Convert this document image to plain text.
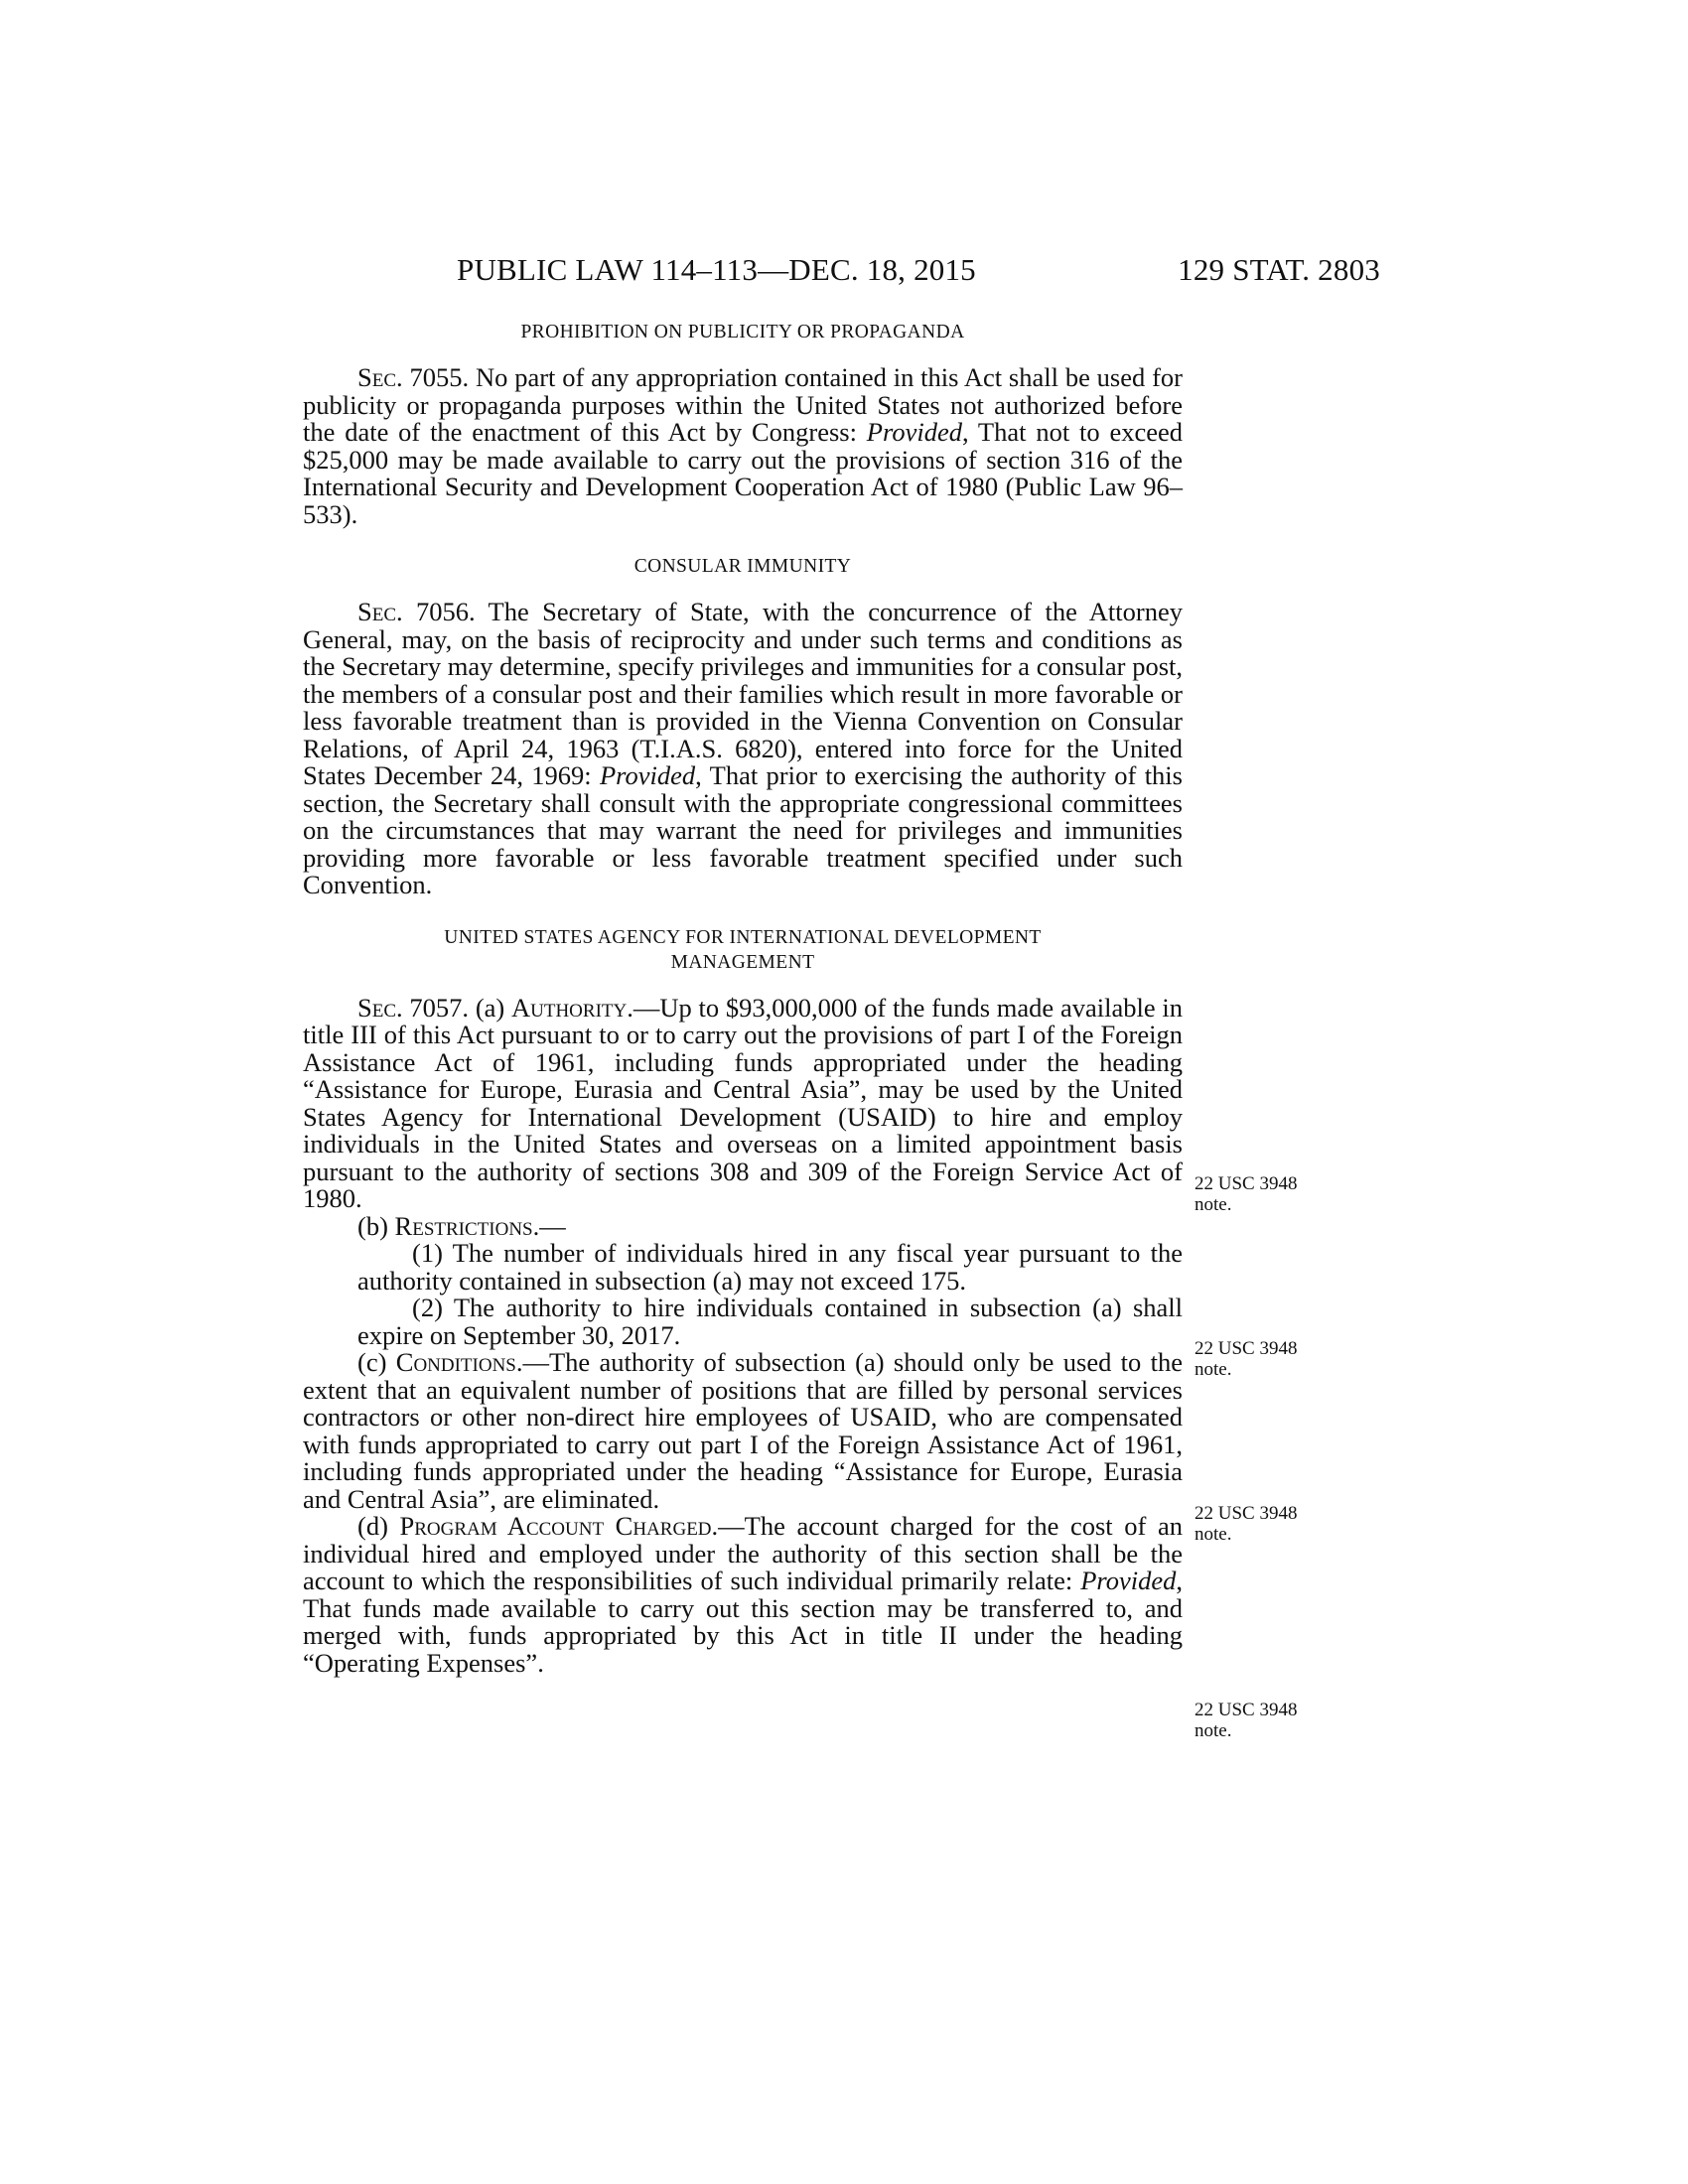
PUBLIC LAW 114–113—DEC. 18, 2015	129 STAT. 2803

PROHIBITION ON PUBLICITY OR PROPAGANDA

Sec. 7055. No part of any appropriation contained in this Act shall be used for publicity or propaganda purposes within the United States not authorized before the date of the enactment of this Act by Congress: Provided, That not to exceed $25,000 may be made available to carry out the provisions of section 316 of the International Security and Development Cooperation Act of 1980 (Public Law 96–533).

CONSULAR IMMUNITY

Sec. 7056. The Secretary of State, with the concurrence of the Attorney General, may, on the basis of reciprocity and under such terms and conditions as the Secretary may determine, specify privileges and immunities for a consular post, the members of a consular post and their families which result in more favorable or less favorable treatment than is provided in the Vienna Convention on Consular Relations, of April 24, 1963 (T.I.A.S. 6820), entered into force for the United States December 24, 1969: Provided, That prior to exercising the authority of this section, the Secretary shall consult with the appropriate congressional committees on the circumstances that may warrant the need for privileges and immunities providing more favorable or less favorable treatment specified under such Convention.

UNITED STATES AGENCY FOR INTERNATIONAL DEVELOPMENT

MANAGEMENT

Sec. 7057. (a) Authority.—Up to $93,000,000 of the funds made available in title III of this Act pursuant to or to carry out the provisions of part I of the Foreign Assistance Act of 1961, including funds appropriated under the heading “Assistance for Europe, Eurasia and Central Asia”, may be used by the United States Agency for International Development (USAID) to hire and employ individuals in the United States and overseas on a limited appointment basis pursuant to the authority of sections 308 and 309 of the Foreign Service Act of 1980.

(b) Restrictions.—

(1) The number of individuals hired in any fiscal year pursuant to the authority contained in subsection (a) may not exceed 175.

(2) The authority to hire individuals contained in subsection (a) shall expire on September 30, 2017.

(c) Conditions.—The authority of subsection (a) should only be used to the extent that an equivalent number of positions that are filled by personal services contractors or other non-direct hire employees of USAID, who are compensated with funds appropriated to carry out part I of the Foreign Assistance Act of 1961, including funds appropriated under the heading “Assistance for Europe, Eurasia and Central Asia”, are eliminated.

(d) Program Account Charged.—The account charged for the cost of an individual hired and employed under the authority of this section shall be the account to which the responsibilities of such individual primarily relate: Provided, That funds made available to carry out this section may be transferred to, and merged with, funds appropriated by this Act in title II under the heading “Operating Expenses”.

22 USC 3948
note.
22 USC 3948
note.
22 USC 3948
note.
22 USC 3948
note.
